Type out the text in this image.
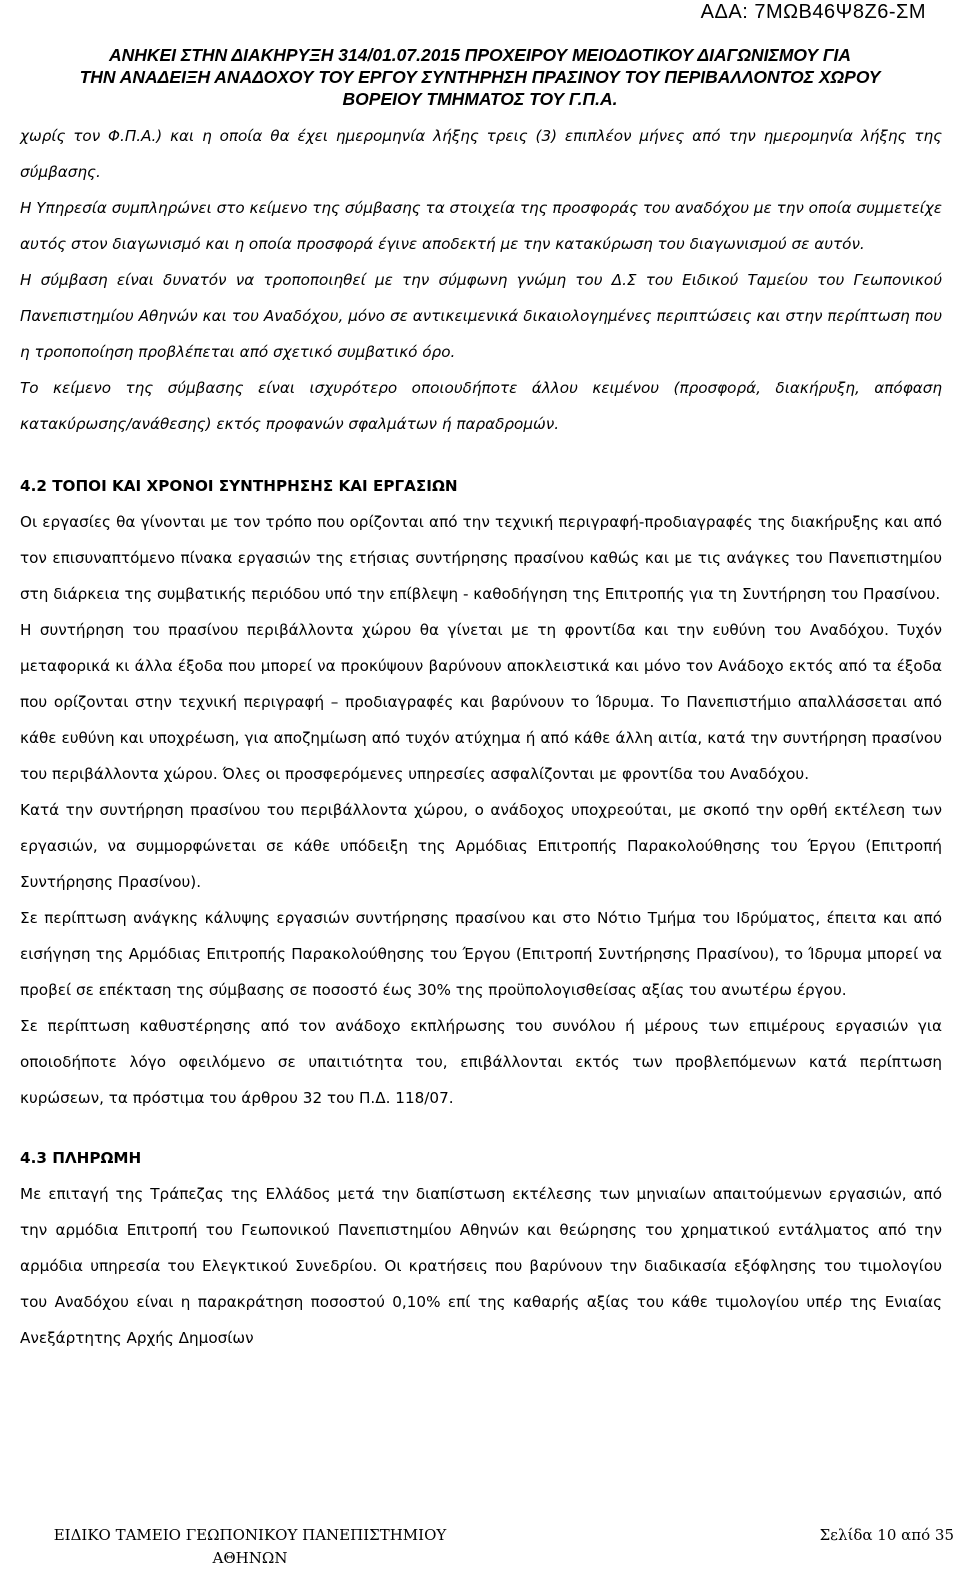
ΑΔΑ: 7ΜΩΒ46Ψ8Ζ6-ΣΜ
ΑΝΗΚΕΙ ΣΤΗΝ ΔΙΑΚΗΡΥΞΗ 314/01.07.2015 ΠΡΟΧΕΙΡΟΥ ΜΕΙΟΔΟΤΙΚΟΥ ΔΙΑΓΩΝΙΣΜΟΥ ΓΙΑ
ΤΗΝ ΑΝΑΔΕΙΞΗ ΑΝΑΔΟΧΟΥ ΤΟΥ ΕΡΓΟΥ ΣΥΝΤΗΡΗΣΗ ΠΡΑΣΙΝΟΥ ΤΟΥ ΠΕΡΙΒΑΛΛΟΝΤΟΣ ΧΩΡΟΥ
ΒΟΡΕΙΟΥ ΤΜΗΜΑΤΟΣ ΤΟΥ Γ.Π.Α.

χωρίς τον Φ.Π.Α.) και η οποία θα έχει ημερομηνία λήξης τρεις (3) επιπλέον μήνες από την ημερομηνία λήξης της σύμβασης.

Η Υπηρεσία συμπληρώνει στο κείμενο της σύμβασης τα στοιχεία της προσφοράς του αναδόχου με την οποία συμμετείχε αυτός στον διαγωνισμό και η οποία προσφορά έγινε αποδεκτή με την κατακύρωση του διαγωνισμού σε αυτόν.

Η σύμβαση είναι δυνατόν να τροποποιηθεί με την σύμφωνη γνώμη του Δ.Σ του Ειδικού Ταμείου του Γεωπονικού Πανεπιστημίου Αθηνών και του Αναδόχου, μόνο σε αντικειμενικά δικαιολογημένες περιπτώσεις και στην περίπτωση που η τροποποίηση προβλέπεται από σχετικό συμβατικό όρο.

Το κείμενο της σύμβασης είναι ισχυρότερο οποιουδήποτε άλλου κειμένου (προσφορά, διακήρυξη, απόφαση κατακύρωσης/ανάθεσης) εκτός προφανών σφαλμάτων ή παραδρομών.

4.2 ΤΟΠΟΙ ΚΑΙ ΧΡΟΝΟΙ ΣΥΝΤΗΡΗΣΗΣ ΚΑΙ ΕΡΓΑΣΙΩΝ

Οι εργασίες θα γίνονται με τον τρόπο που ορίζονται από την τεχνική περιγραφή-προδιαγραφές της διακήρυξης και από τον επισυναπτόμενο πίνακα εργασιών της ετήσιας συντήρησης πρασίνου καθώς και με τις ανάγκες του Πανεπιστημίου στη διάρκεια της συμβατικής περιόδου υπό την επίβλεψη - καθοδήγηση της Επιτροπής για τη Συντήρηση του Πρασίνου.

Η συντήρηση του πρασίνου περιβάλλοντα χώρου θα γίνεται με τη φροντίδα και την ευθύνη του Αναδόχου. Τυχόν μεταφορικά κι άλλα έξοδα που μπορεί να προκύψουν βαρύνουν αποκλειστικά και μόνο τον Ανάδοχο εκτός από τα έξοδα που ορίζονται στην τεχνική περιγραφή – προδιαγραφές και βαρύνουν το Ίδρυμα. Το Πανεπιστήμιο απαλλάσσεται από κάθε ευθύνη και υποχρέωση, για αποζημίωση από τυχόν ατύχημα ή από κάθε άλλη αιτία, κατά την συντήρηση πρασίνου του περιβάλλοντα χώρου. Όλες οι προσφερόμενες υπηρεσίες ασφαλίζονται με φροντίδα του Αναδόχου.

Κατά την συντήρηση πρασίνου του περιβάλλοντα χώρου, ο ανάδοχος υποχρεούται, με σκοπό την ορθή εκτέλεση των εργασιών, να συμμορφώνεται σε κάθε υπόδειξη της Αρμόδιας Επιτροπής Παρακολούθησης του Έργου (Επιτροπή Συντήρησης Πρασίνου).

Σε περίπτωση ανάγκης κάλυψης εργασιών συντήρησης πρασίνου και στο Νότιο Τμήμα του Ιδρύματος, έπειτα και από εισήγηση της Αρμόδιας Επιτροπής Παρακολούθησης του Έργου (Επιτροπή Συντήρησης Πρασίνου), το Ίδρυμα μπορεί να προβεί σε επέκταση της σύμβασης σε ποσοστό έως 30% της προϋπολογισθείσας αξίας του ανωτέρω έργου.

Σε περίπτωση καθυστέρησης από τον ανάδοχο εκπλήρωσης του συνόλου ή μέρους των επιμέρους εργασιών για οποιοδήποτε λόγο οφειλόμενο σε υπαιτιότητα του, επιβάλλονται εκτός των προβλεπόμενων κατά περίπτωση κυρώσεων, τα πρόστιμα του άρθρου 32 του Π.Δ. 118/07.

4.3 ΠΛΗΡΩΜΗ

Με επιταγή της Τράπεζας της Ελλάδος μετά την διαπίστωση εκτέλεσης των μηνιαίων απαιτούμενων εργασιών, από την αρμόδια Επιτροπή του Γεωπονικού Πανεπιστημίου Αθηνών και θεώρησης του χρηματικού εντάλματος από την αρμόδια υπηρεσία του Ελεγκτικού Συνεδρίου. Οι κρατήσεις που βαρύνουν την διαδικασία εξόφλησης του τιμολογίου του Αναδόχου είναι η παρακράτηση ποσοστού 0,10% επί της καθαρής αξίας του κάθε τιμολογίου υπέρ της Ενιαίας Ανεξάρτητης Αρχής Δημοσίων

ΕΙΔΙΚΟ ΤΑΜΕΙΟ ΓΕΩΠΟΝΙΚΟΥ ΠΑΝΕΠΙΣΤΗΜΙΟΥ
ΑΘΗΝΩΝ
Σελίδα 10 από 35
